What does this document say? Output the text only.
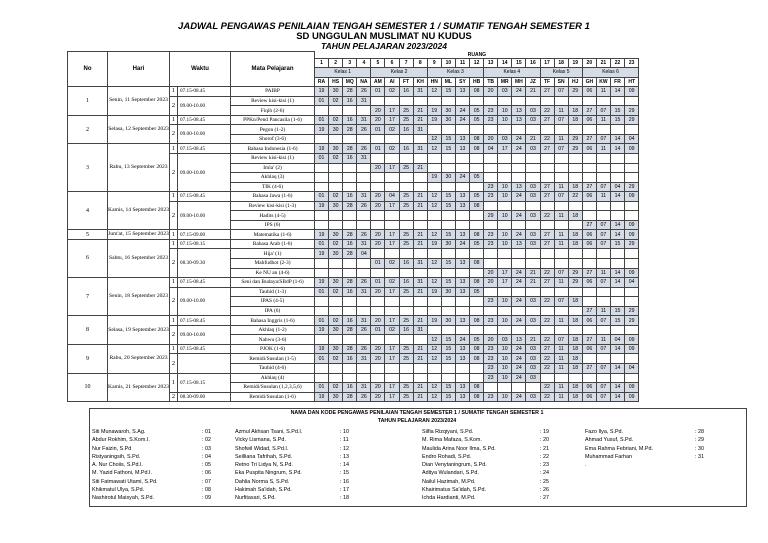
JADWAL PENGAWAS PENILAIAN TENGAH SEMESTER 1 / SUMATIF TENGAH SEMESTER 1
SD UNGGULAN MUSLIMAT NU KUDUS
TAHUN PELAJARAN 2023/2024
No	Hari	Waktu		Mata Pelajaran	RUANG																						
					1	2	3	4	5	6	7	8	9	10	11	12	13	14	15	16	17	18	19	20	21	22	23
					Kelas 1				Kelas 2				Kelas 3				Kelas 4				Kelas 5			Kelas 6			
					RA	HS	MQ	NA	AM	AI	FT	KH	HN	ML	SY	HB	TB	MR	MH	JZ	TF	SN	HJ	GH	KW	FR	HT
1	Senin, 11 September 2023	1	07.15-08.45	PAIBP	19	30	28	26	01	02	16	31	12	15	13	08	20	03	24	21	27	07	29	06	11	14	09
		2	09.00-10.00	Review kisi-kisi (1)	01	02	16	31																			
				Fiqih (2-6)					20	17	25	21	19	30	24	05	23	10	13	03	22	11	18	27	07	15	29
2	Selasa, 12 September 2023	1	07.15-08.45	PPKn/Pend Pancasila (1-6)	01	02	16	31	20	17	25	21	19	30	24	05	23	10	13	03	27	07	18	06	11	15	29
		2	09.00-10.00	Pegon (1-2)	19	30	28	26	01	02	16	31															
				Shorof (3-6)									12	15	13	08	20	03	24	21	22	11	29	27	07	14	04
3	Rabu, 13 September 2023	1	07.15-08.45	Bahasa Indonesia (1-6)	19	30	28	26	01	02	16	31	12	15	13	08	04	17	24	03	27	07	29	06	11	14	09
		2	09.00-10.00	Review kisi-kisi (1)	01	02	16	31																			
				Imla' (2)					20	17	25	21															
				Akhlaq (3)									19	30	24	05											
				TIK (4-6)													23	10	13	03	27	11	18	27	07	04	29
4	Kamis, 14 September 2023	1	07.15-08.45	Bahasa Jawa (1-6)	01	02	16	31	20	04	25	21	12	15	13	05	23	10	24	03	27	07	22	06	11	14	09
		2	09.00-10.00	Review kisi-kisi (1-3)	19	30	28	26	20	17	25	21	12	15	13	08											
				Hadits (4-5)													29	10	24	03	22	11	18				
				IPS (6)																				27	07	14	09
5	Jum'at, 15 September 2023	1	07.15-09.00	Matematika (1-6)	19	30	28	26	20	17	25	21	12	15	13	08	23	10	24	03	27	11	18	06	07	14	09
6	Sabtu, 16 September 2023	1	07.15-08.15	Bahasa Arab (1-6)	01	02	16	31	20	17	25	21	19	30	24	05	23	10	13	03	27	11	18	06	07	15	29
		2	08.30-09.30	Hija' (1)	19	30	28	04																			
				Mahfudhot (2-3)					01	02	16	31	12	15	13	08											
				Ke NU an (4-6)													20	17	24	21	22	07	29	27	11	14	09
7	Senin, 18 September 2023	1	07.15-08.45	Seni dan Budaya/SBdP (1-6)	19	30	28	26	01	02	16	31	12	15	13	08	20	17	24	21	27	11	29	06	07	14	04
		2	09.00-10.00	Tauhid (1-3)	01	02	16	31	20	17	25	21	19	30	13	05											
				IPAS (4-5)													23	10	24	03	22	07	18				
				IPA (6)																				27	11	15	29
8	Selasa, 19 September 2023	1	07.15-08.45	Bahasa Inggris (1-6)	01	02	16	31	20	17	25	21	19	30	13	08	23	10	24	03	22	11	18	06	07	15	29
		2	09.00-10.00	Akhlaq (1-2)	19	30	28	26	01	02	16	31															
				Nahwu (3-6)									12	15	24	05	20	03	13	21	22	07	18	27	11	04	09
9	Rabu, 20 September 2023	1	07.15-08.45	PJOK (1-6)	19	30	28	26	20	17	25	21	12	15	13	08	23	10	24	03	27	11	18	06	07	14	09
		2		Remidi/Susulan (1-5)	01	02	16	31	20	17	25	21	12	15	13	08	23	10	24	03	22	11	18				
				Tauhid (4-6)													23	10	24	03	22	11	18	27	07	14	04
10	Kamis, 21 September 2023	1	07.15-08.15	Akhlaq (4)													23	10	24	03							
				Remidi/Susulan (1,2,3,5,6)	01	02	16	31	20	17	25	21	12	15	13	08					22	11	18	06	07	14	09
		2	08.30-09.00	Remidi/Susulan (1-6)	19	30	28	26	20	17	25	21	12	15	13	08	23	10	24	03	22	11	18	06	07	14	09
NAMA DAN KODE PENGAWAS PENILAIAN TENGAH SEMESTER 1 / SUMATIF TENGAH SEMESTER 1
TAHUN PELAJARAN 2023/2024
Siti Munawaroh, S.Ag.	: 01
Abdur Rokhim, S.Kom.I.	: 02
Nur Faizin, S.Pd	: 03
Ristyaningsih, S.Pd.	: 04
A. Nur Choiis, S.Pd.I.	: 05
M. Yazid Fathoni, M.Pd.I.	: 06
Siti Fatmawati Utami, S.Pd.	: 07
Khikmatul Ulya, S.Pd.	: 08
Nashirotul Maisyah, S.Pd.	: 09
Azmul Akhsan Tsani, S.Pd.I.	: 10
Vicky Lismana, S.Pd.	: 11
Shofwil Widad, S.Pd.I.	: 12
Seilliana Tafrihah, S.Pd.	: 13
Retno Tri Lidya N, S.Pd.	: 14
Eka Puspita Ningrum, S.Pd.	: 15
Dahlia Norma S, S.Pd.	: 16
Hakimah Sa'idah, S.Pd.	: 17
Nurfitasari, S.Pd.	: 18
Silfia Rizqiyani, S.Pd.	: 19
M. Rima Mafaza, S.Kom.	: 20
Maulida Arina Noor Ilma, S.Pd.	: 21
Endro Rohadi, S.Pd.	: 22
Dian Venytaningrum, S.Pd.	: 23
Aditya Wulandari, S.Pd.	: 24
Nailul Hazimah, M.Pd.	: 25
Khairimatus Sa'idah, S.Pd.	: 26
Ichda Hardianti, M.Pd.	: 27
Fazo Ilya, S.Pd.	: 28
Ahmad Yusuf, S.Pd.	: 29
Ema Rahma Febriani, M.Pd.	: 30
Muhammad Farhan	: 31
.
